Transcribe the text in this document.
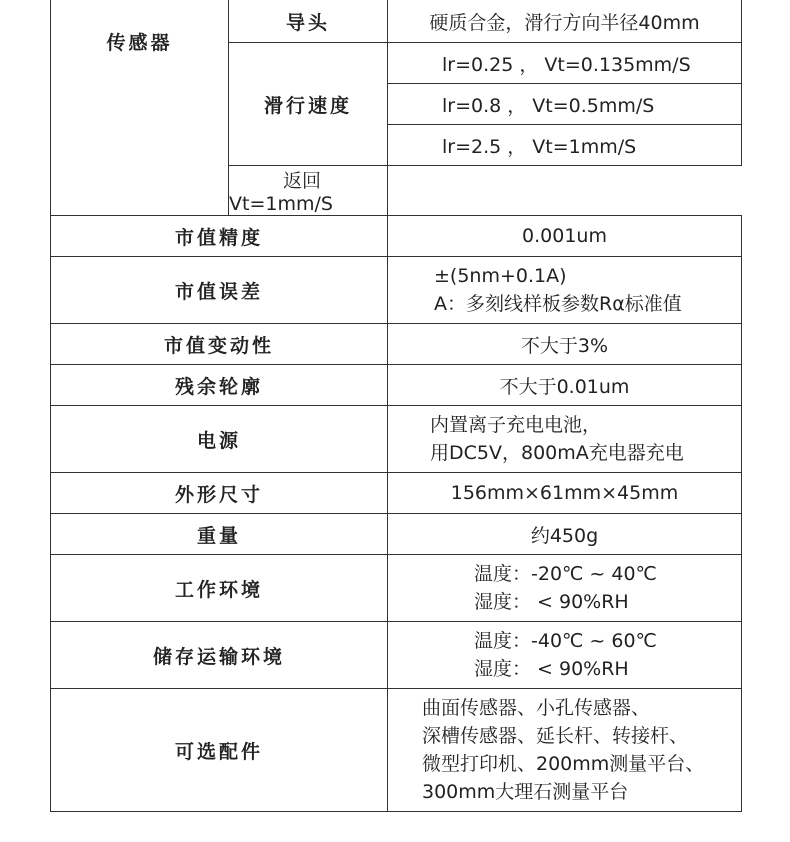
传感器	导头	硬质合金，滑行方向半径40mm
	滑行速度	lr=0.25 ， Vt=0.135mm/S
		lr=0.8 ， Vt=0.5mm/S
		lr=2.5 ， Vt=1mm/S
	返回Vt=1mm/S	
市值精度		0.001um
市值误差		±(5nm+0.1A)
A：多刻线样板参数Rα标准值

市值变动性		不大于3%
残余轮廓		不大于0.01um
电源		内置离子充电电池，
用DC5V，800mA充电器充电

外形尺寸		156mm×61mm×45mm
重量		约450g
工作环境		温度：-20℃ ~ 40℃
湿度： < 90%RH

储存运输环境		温度：-40℃ ~ 60℃
湿度： < 90%RH

可选配件		曲面传感器、小孔传感器、
深槽传感器、延长杆、转接杆、
微型打印机、200mm测量平台、
300mm大理石测量平台
